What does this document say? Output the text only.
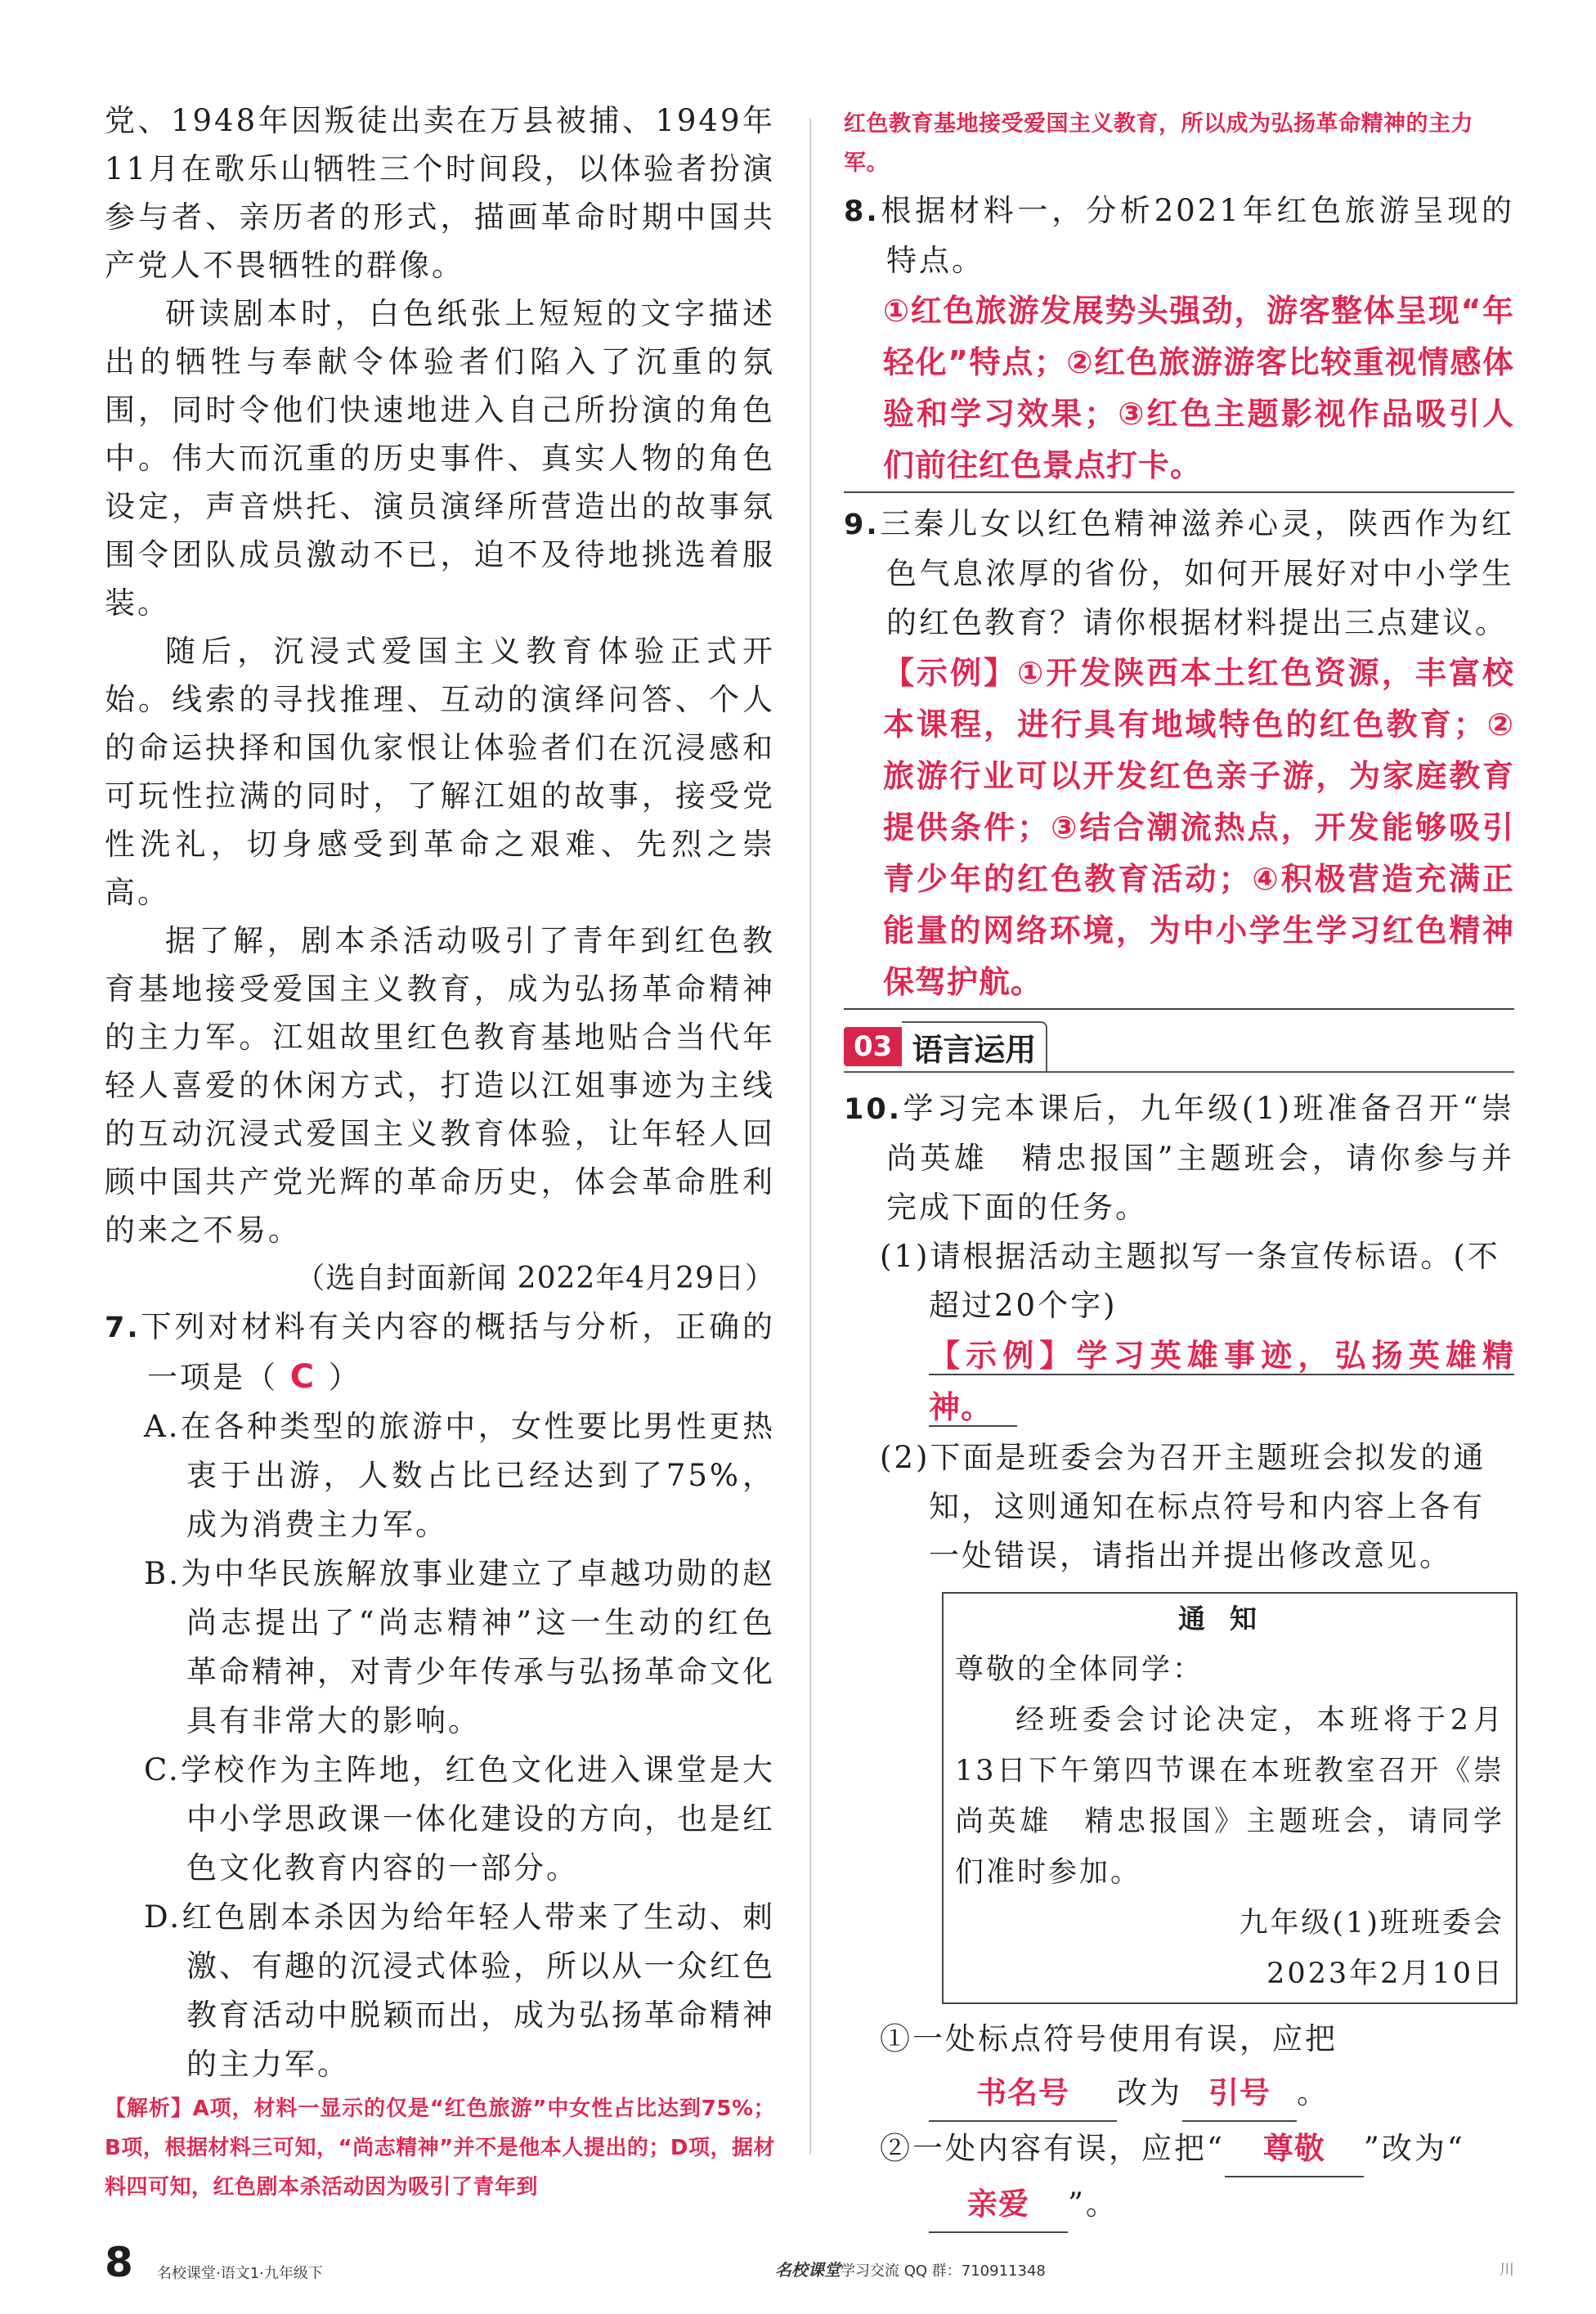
党、1948年因叛徒出卖在万县被捕、1949年11月在歌乐山牺牲三个时间段，以体验者扮演参与者、亲历者的形式，描画革命时期中国共产党人不畏牺牲的群像。

研读剧本时，白色纸张上短短的文字描述出的牺牲与奉献令体验者们陷入了沉重的氛围，同时令他们快速地进入自己所扮演的角色中。伟大而沉重的历史事件、真实人物的角色设定，声音烘托、演员演绎所营造出的故事氛围令团队成员激动不已，迫不及待地挑选着服装。

随后，沉浸式爱国主义教育体验正式开始。线索的寻找推理、互动的演绎问答、个人的命运抉择和国仇家恨让体验者们在沉浸感和可玩性拉满的同时，了解江姐的故事，接受党性洗礼，切身感受到革命之艰难、先烈之崇高。

据了解，剧本杀活动吸引了青年到红色教育基地接受爱国主义教育，成为弘扬革命精神的主力军。江姐故里红色教育基地贴合当代年轻人喜爱的休闲方式，打造以江姐事迹为主线的互动沉浸式爱国主义教育体验，让年轻人回顾中国共产党光辉的革命历史，体会革命胜利的来之不易。

（选自封面新闻 2022年4月29日）

7.下列对材料有关内容的概括与分析，正确的一项是（ C ）

A.在各种类型的旅游中，女性要比男性更热衷于出游，人数占比已经达到了75%，成为消费主力军。

B.为中华民族解放事业建立了卓越功勋的赵尚志提出了“尚志精神”这一生动的红色革命精神，对青少年传承与弘扬革命文化具有非常大的影响。

C.学校作为主阵地，红色文化进入课堂是大中小学思政课一体化建设的方向，也是红色文化教育内容的一部分。

D.红色剧本杀因为给年轻人带来了生动、刺激、有趣的沉浸式体验，所以从一众红色教育活动中脱颖而出，成为弘扬革命精神的主力军。

【解析】A项，材料一显示的仅是“红色旅游”中女性占比达到75%；B项，根据材料三可知，“尚志精神”并不是他本人提出的；D项，据材料四可知，红色剧本杀活动因为吸引了青年到

红色教育基地接受爱国主义教育，所以成为弘扬革命精神的主力军。

8.根据材料一，分析2021年红色旅游呈现的特点。

①红色旅游发展势头强劲，游客整体呈现“年轻化”特点；②红色旅游游客比较重视情感体验和学习效果；③红色主题影视作品吸引人们前往红色景点打卡。

9.三秦儿女以红色精神滋养心灵，陕西作为红色气息浓厚的省份，如何开展好对中小学生的红色教育？请你根据材料提出三点建议。

【示例】①开发陕西本土红色资源，丰富校本课程，进行具有地域特色的红色教育；②旅游行业可以开发红色亲子游，为家庭教育提供条件；③结合潮流热点，开发能够吸引青少年的红色教育活动；④积极营造充满正能量的网络环境，为中小学生学习红色精神保驾护航。

03 语言运用

10.学习完本课后，九年级(1)班准备召开“崇尚英雄　精忠报国”主题班会，请你参与并完成下面的任务。

(1)请根据活动主题拟写一条宣传标语。(不超过20个字)

【示例】学习英雄事迹，弘扬英雄精神。

(2)下面是班委会为召开主题班会拟发的通知，这则通知在标点符号和内容上各有一处错误，请指出并提出修改意见。

通知

尊敬的全体同学：

经班委会讨论决定，本班将于2月13日下午第四节课在本班教室召开《崇尚英雄　精忠报国》主题班会，请同学们准时参加。

九年级(1)班班委会

2023年2月10日

①一处标点符号使用有误，应把书名号 改为 引号 。

②一处内容有误，应把“ 尊敬 ”改为“亲爱 ”。

8 名校课堂·语文1·九年级下	名校课堂学习交流 QQ 群：710911348	川
